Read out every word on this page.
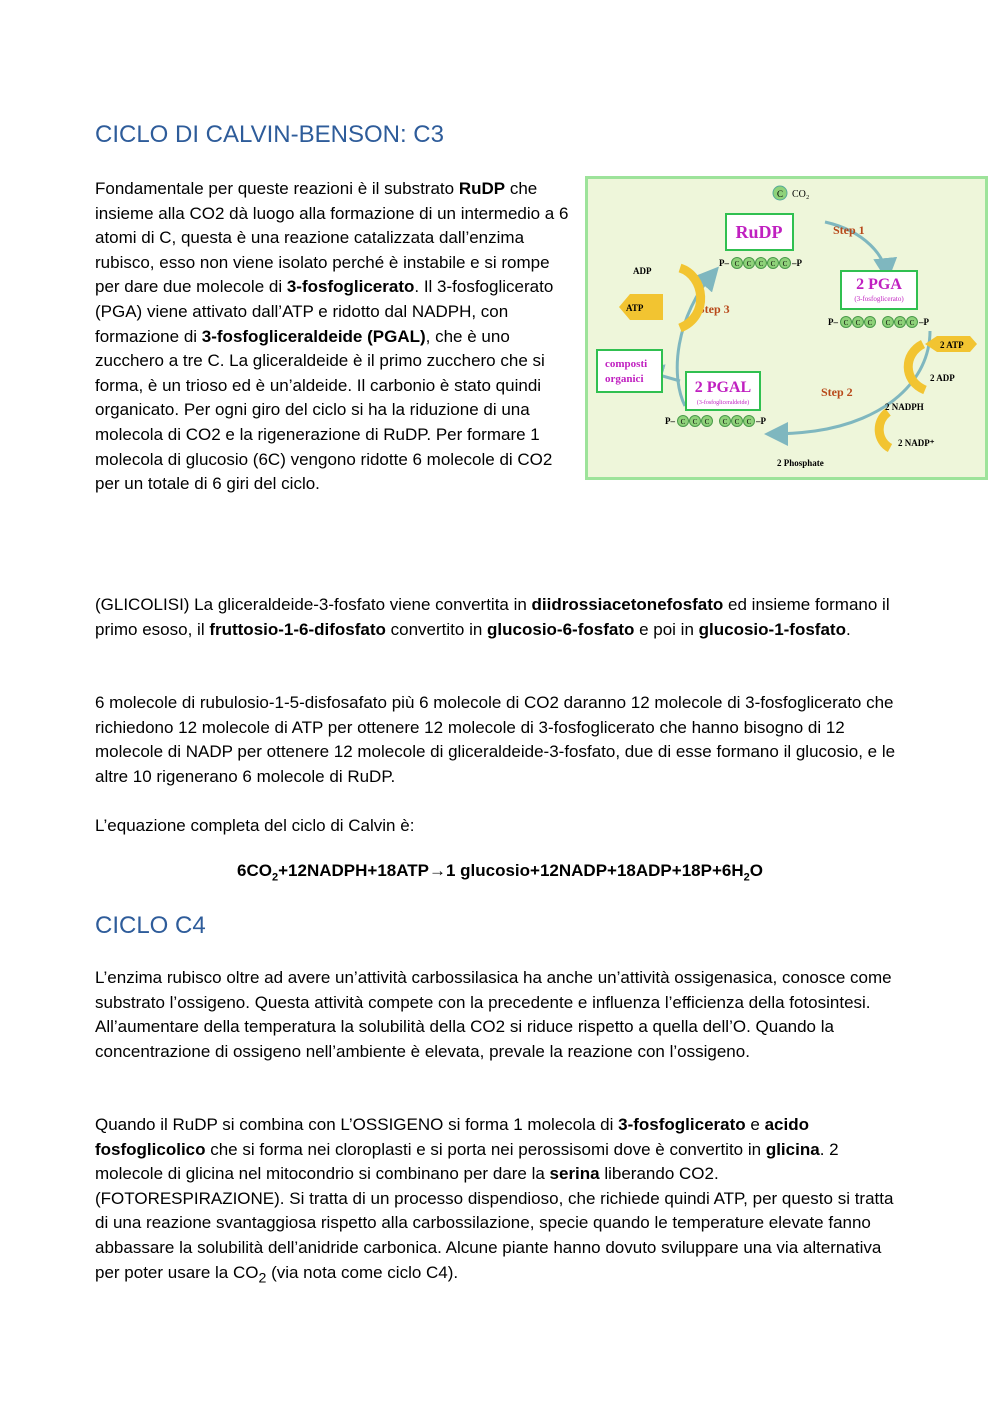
CICLO DI CALVIN-BENSON: C3

Fondamentale per queste reazioni è il substrato RuDP che insieme alla CO2 dà luogo alla formazione di un intermedio a 6 atomi di C, questa è una reazione catalizzata dall’enzima rubisco, esso non viene isolato perché è instabile e si rompe per dare due molecole di 3-fosfoglicerato. Il 3-fosfoglicerato (PGA) viene attivato dall’ATP e ridotto dal NADPH, con formazione di 3-fosfogliceraldeide (PGAL), che è uno zucchero a tre C. La gliceraldeide è il primo zucchero che si forma, è un trioso ed è un’aldeide. Il carbonio è stato quindi organicato. Per ogni giro del ciclo si ha la riduzione di una molecola di CO2 e la rigenerazione di RuDP. Per formare 1 molecola di glucosio (6C) vengono ridotte 6 molecole di CO2 per un totale di 6 giri del ciclo.

C CO₂
RuDP
P– C C C C C –P
Step 1
Step 3
Step 2
2 PGA
(3-fosfoglicerato)
P– C C C C C C –P
2 PGAL
(3-fosfogliceraldeide)
P– C C C C C C –P
composti
organici
ADP
ATP
2 ATP
2 ADP
2 NADPH
2 NADP⁺
2 Phosphate

(GLICOLISI) La gliceraldeide-3-fosfato viene convertita in diidrossiacetonefosfato ed insieme formano il primo esoso, il fruttosio-1-6-difosfato convertito in glucosio-6-fosfato e poi in glucosio-1-fosfato.

6 molecole di rubulosio-1-5-disfosafato più 6 molecole di CO2 daranno 12 molecole di 3-fosfoglicerato che richiedono 12 molecole di ATP per ottenere 12 molecole di 3-fosfoglicerato che hanno bisogno di 12 molecole di NADP per ottenere 12 molecole di gliceraldeide-3-fosfato, due di esse formano il glucosio, e le altre 10 rigenerano 6 molecole di RuDP.

L’equazione completa del ciclo di Calvin è:

$6CO_2+12NADPH+18ATP\to 1$ $glucosio+12NADP+18ADP+18P+6H_2O$

CICLO C4

L’enzima rubisco oltre ad avere un’attività carbossilasica ha anche un’attività ossigenasica, conosce come substrato l’ossigeno. Questa attività compete con la precedente e influenza l’efficienza della fotosintesi. All’aumentare della temperatura la solubilità della CO2 si riduce rispetto a quella dell’O. Quando la concentrazione di ossigeno nell’ambiente è elevata, prevale la reazione con l’ossigeno.

Quando il RuDP si combina con L’OSSIGENO si forma 1 molecola di 3-fosfoglicerato e acido fosfoglicolico che si forma nei cloroplasti e si porta nei perossisomi dove è convertito in glicina. 2 molecole di glicina nel mitocondrio si combinano per dare la serina liberando CO2. (FOTORESPIRAZIONE). Si tratta di un processo dispendioso, che richiede quindi ATP, per questo si tratta di una reazione svantaggiosa rispetto alla carbossilazione, specie quando le temperature elevate fanno abbassare la solubilità dell’anidride carbonica. Alcune piante hanno dovuto sviluppare una via alternativa per poter usare la $CO_2$ (via nota come ciclo C4).
